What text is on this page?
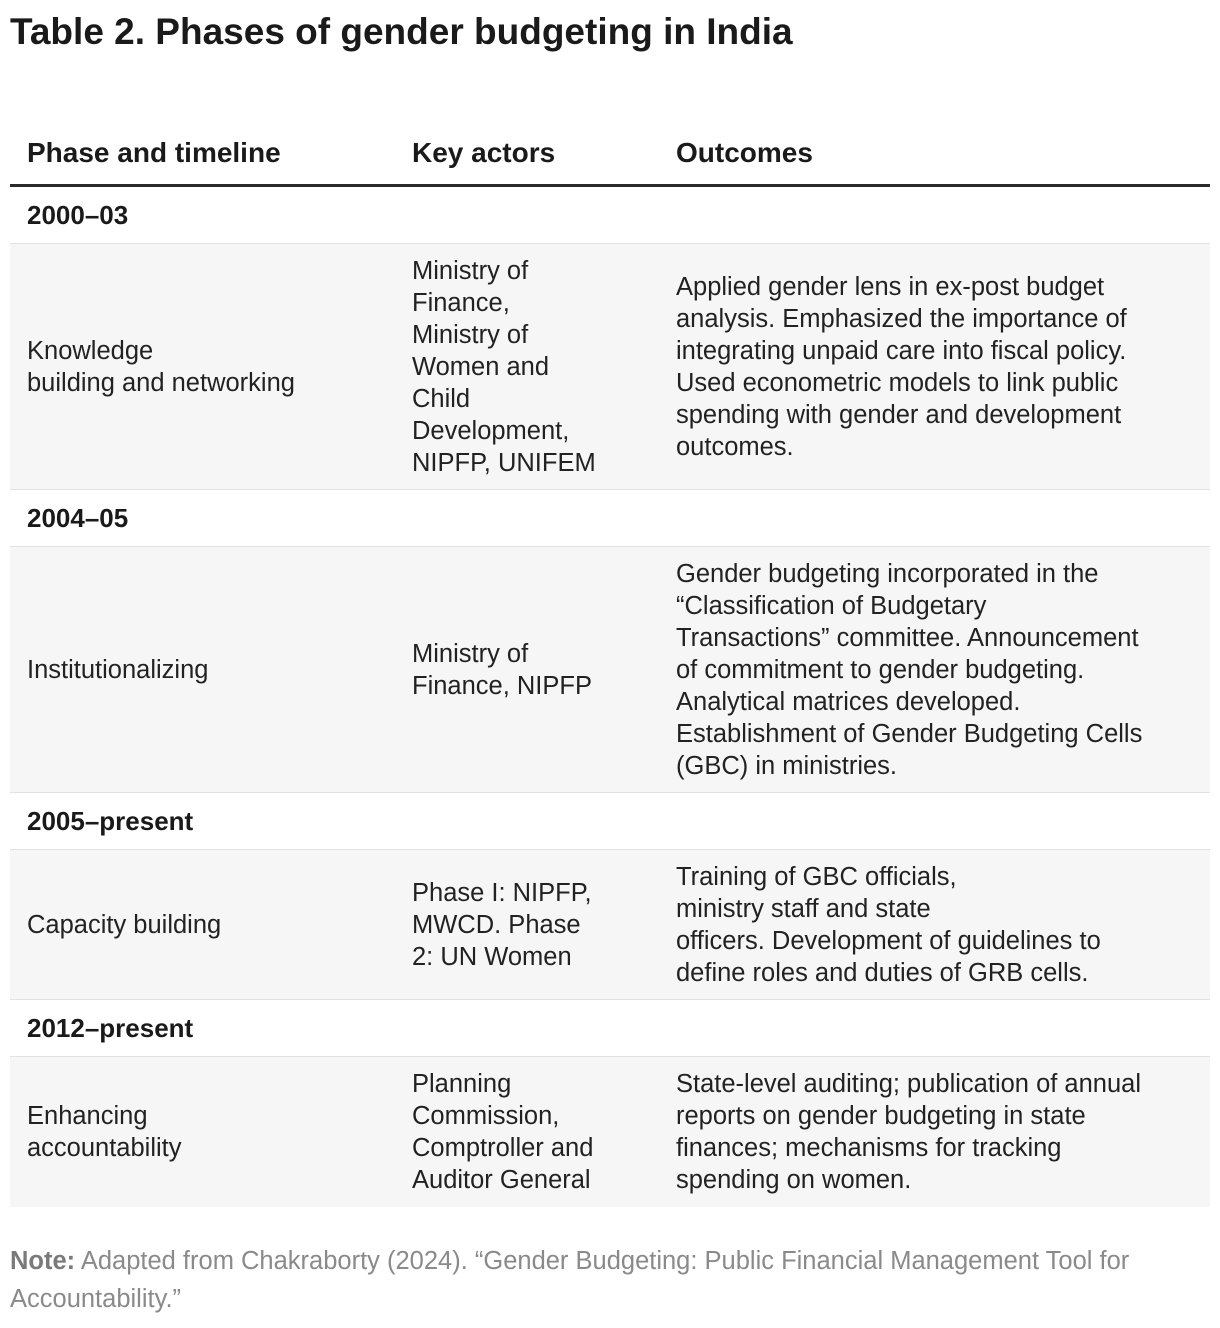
Table 2. Phases of gender budgeting in India
Phase and timeline	Key actors	Outcomes
2000–03
Knowledge
building and networking
Ministry of
Finance,
Ministry of
Women and
Child
Development,
NIPFP, UNIFEM
Applied gender lens in ex-post budget
analysis. Emphasized the importance of
integrating unpaid care into fiscal policy.
Used econometric models to link public
spending with gender and development
outcomes.
2004–05
Institutionalizing
Ministry of
Finance, NIPFP
Gender budgeting incorporated in the
“Classification of Budgetary
Transactions” committee. Announcement
of commitment to gender budgeting.
Analytical matrices developed.
Establishment of Gender Budgeting Cells
(GBC) in ministries.
2005–present
Capacity building
Phase I: NIPFP,
MWCD. Phase
2: UN Women
Training of GBC officials,
ministry staff and state
officers. Development of guidelines to
define roles and duties of GRB cells.
2012–present
Enhancing
accountability
Planning
Commission,
Comptroller and
Auditor General
State-level auditing; publication of annual
reports on gender budgeting in state
finances; mechanisms for tracking
spending on women.

Note: Adapted from Chakraborty (2024). “Gender Budgeting: Public Financial Management Tool for Accountability.”
